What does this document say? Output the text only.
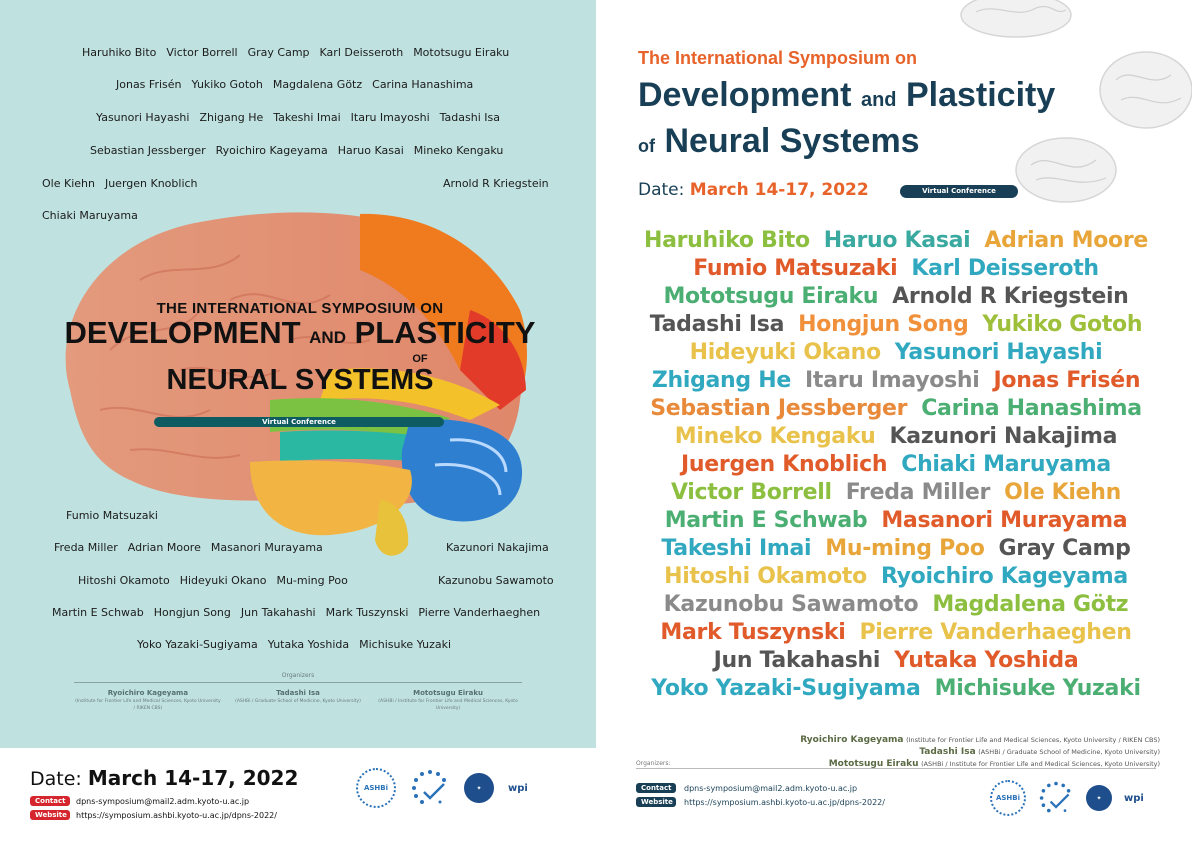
Haruhiko Bito Victor Borrell Gray Camp Karl Deisseroth Mototsugu Eiraku
Jonas Frisén Yukiko Gotoh Magdalena Götz Carina Hanashima
Yasunori Hayashi Zhigang He Takeshi Imai Itaru Imayoshi Tadashi Isa
Sebastian Jessberger Ryoichiro Kageyama Haruo Kasai Mineko Kengaku
Ole Kiehn Juergen Knoblich	Arnold R Kriegstein
Chiaki Maruyama
THE INTERNATIONAL SYMPOSIUM ON
DEVELOPMENT AND PLASTICITY
OF
NEURAL SYSTEMS
Virtual Conference
Fumio Matsuzaki
Freda Miller Adrian Moore Masanori Murayama	Kazunori Nakajima
Hitoshi Okamoto Hideyuki Okano Mu-ming Poo	Kazunobu Sawamoto
Martin E Schwab Hongjun Song Jun Takahashi Mark Tuszynski Pierre Vanderhaeghen
Yoko Yazaki-Sugiyama Yutaka Yoshida Michisuke Yuzaki
Organizers
Ryoichiro Kageyama
(Institute for Frontier Life and Medical Sciences, Kyoto University / RIKEN CBS)
Tadashi Isa
(ASHBi / Graduate School of Medicine, Kyoto University)
Mototsugu Eiraku
(ASHBi / Institute for Frontier Life and Medical Sciences, Kyoto University)
Date: March 14-17, 2022
Contact	dpns-symposium@mail2.adm.kyoto-u.ac.jp
Website	https://symposium.ashbi.kyoto-u.ac.jp/dpns-2022/
ASHBi	✦	wpi
The International Symposium on
Development and Plasticity
of Neural Systems
Date: March 14-17, 2022	Virtual Conference
Haruhiko Bito Haruo Kasai Adrian Moore
Fumio Matsuzaki Karl Deisseroth
Mototsugu Eiraku Arnold R Kriegstein
Tadashi Isa Hongjun Song Yukiko Gotoh
Hideyuki Okano Yasunori Hayashi
Zhigang He Itaru Imayoshi Jonas Frisén
Sebastian Jessberger Carina Hanashima
Mineko Kengaku Kazunori Nakajima
Juergen Knoblich Chiaki Maruyama
Victor Borrell Freda Miller Ole Kiehn
Martin E Schwab Masanori Murayama
Takeshi Imai Mu-ming Poo Gray Camp
Hitoshi Okamoto Ryoichiro Kageyama
Kazunobu Sawamoto Magdalena Götz
Mark Tuszynski Pierre Vanderhaeghen
Jun Takahashi Yutaka Yoshida
Yoko Yazaki-Sugiyama Michisuke Yuzaki
Ryoichiro Kageyama (Institute for Frontier Life and Medical Sciences, Kyoto University / RIKEN CBS)
Tadashi Isa (ASHBi / Graduate School of Medicine, Kyoto University)
Mototsugu Eiraku (ASHBi / Institute for Frontier Life and Medical Sciences, Kyoto University)
Organizers:
Contact	dpns-symposium@mail2.adm.kyoto-u.ac.jp
Website	https://symposium.ashbi.kyoto-u.ac.jp/dpns-2022/	ASHBi	✦	wpi
